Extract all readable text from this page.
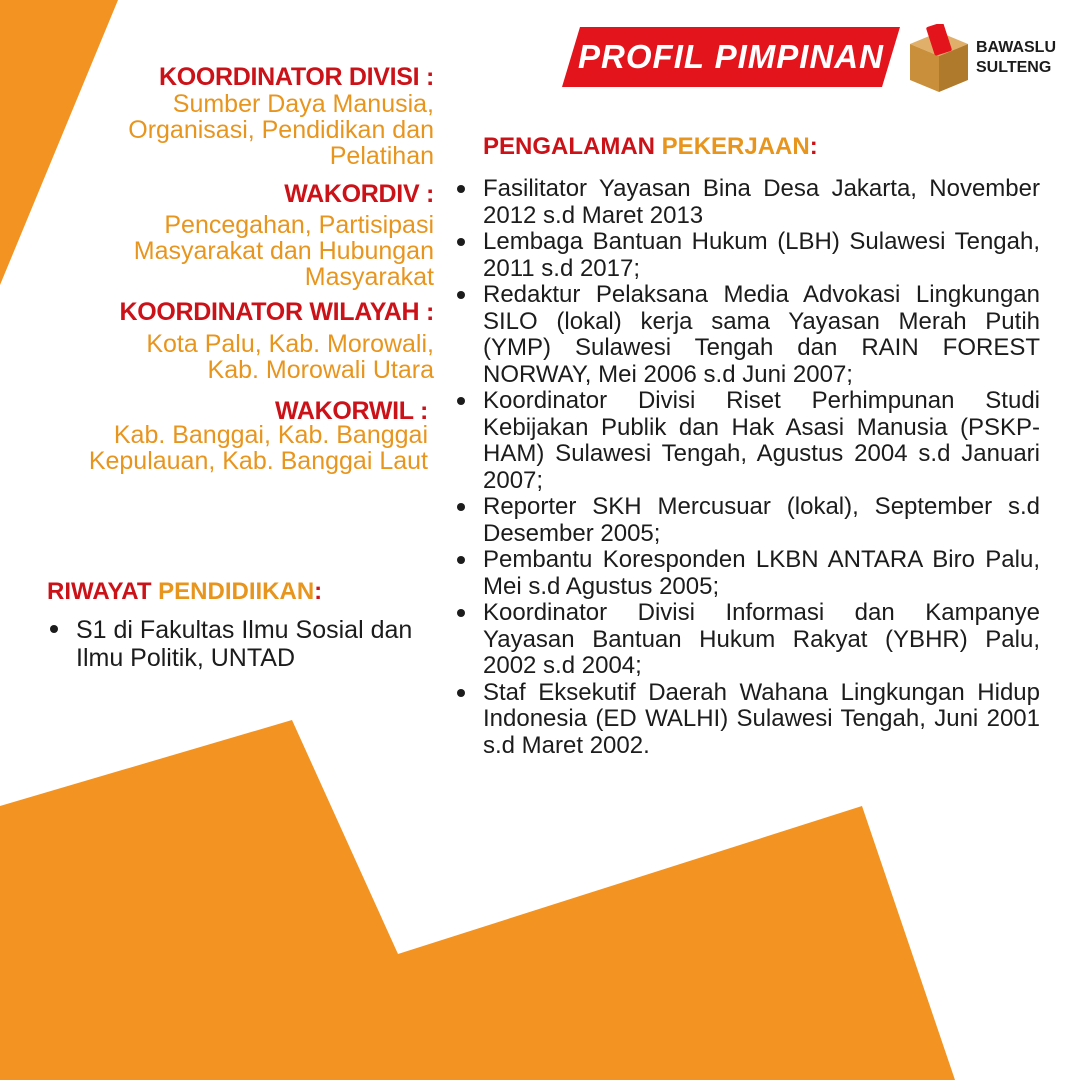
PROFIL PIMPINAN	BAWASLU
SULTENG
KOORDINATOR DIVISI :
Sumber Daya Manusia,
Organisasi, Pendidikan dan
Pelatihan
WAKORDIV :
Pencegahan, Partisipasi
Masyarakat dan Hubungan
Masyarakat
KOORDINATOR WILAYAH :
Kota Palu, Kab. Morowali,
Kab. Morowali Utara
WAKORWIL :
Kab. Banggai, Kab. Banggai
Kepulauan, Kab. Banggai Laut
RIWAYAT PENDIDIIKAN:
S1 di Fakultas Ilmu Sosial dan Ilmu Politik, UNTAD
PENGALAMAN PEKERJAAN:
Fasilitator Yayasan Bina Desa Jakarta, November 2012 s.d Maret 2013
Lembaga Bantuan Hukum (LBH) Sulawesi Tengah, 2011 s.d 2017;
Redaktur Pelaksana Media Advokasi Lingkungan SILO (lokal) kerja sama Yayasan Merah Putih (YMP) Sulawesi Tengah dan RAIN FOREST NORWAY, Mei 2006 s.d Juni 2007;
Koordinator Divisi Riset Perhimpunan Studi Kebijakan Publik dan Hak Asasi Manusia (PSKP-HAM) Sulawesi Tengah, Agustus 2004 s.d Januari 2007;
Reporter SKH Mercusuar (lokal), September s.d Desember 2005;
Pembantu Koresponden LKBN ANTARA Biro Palu, Mei s.d Agustus 2005;
Koordinator Divisi Informasi dan Kampanye Yayasan Bantuan Hukum Rakyat (YBHR) Palu, 2002 s.d 2004;
Staf Eksekutif Daerah Wahana Lingkungan Hidup Indonesia (ED WALHI) Sulawesi Tengah, Juni 2001 s.d Maret 2002.
